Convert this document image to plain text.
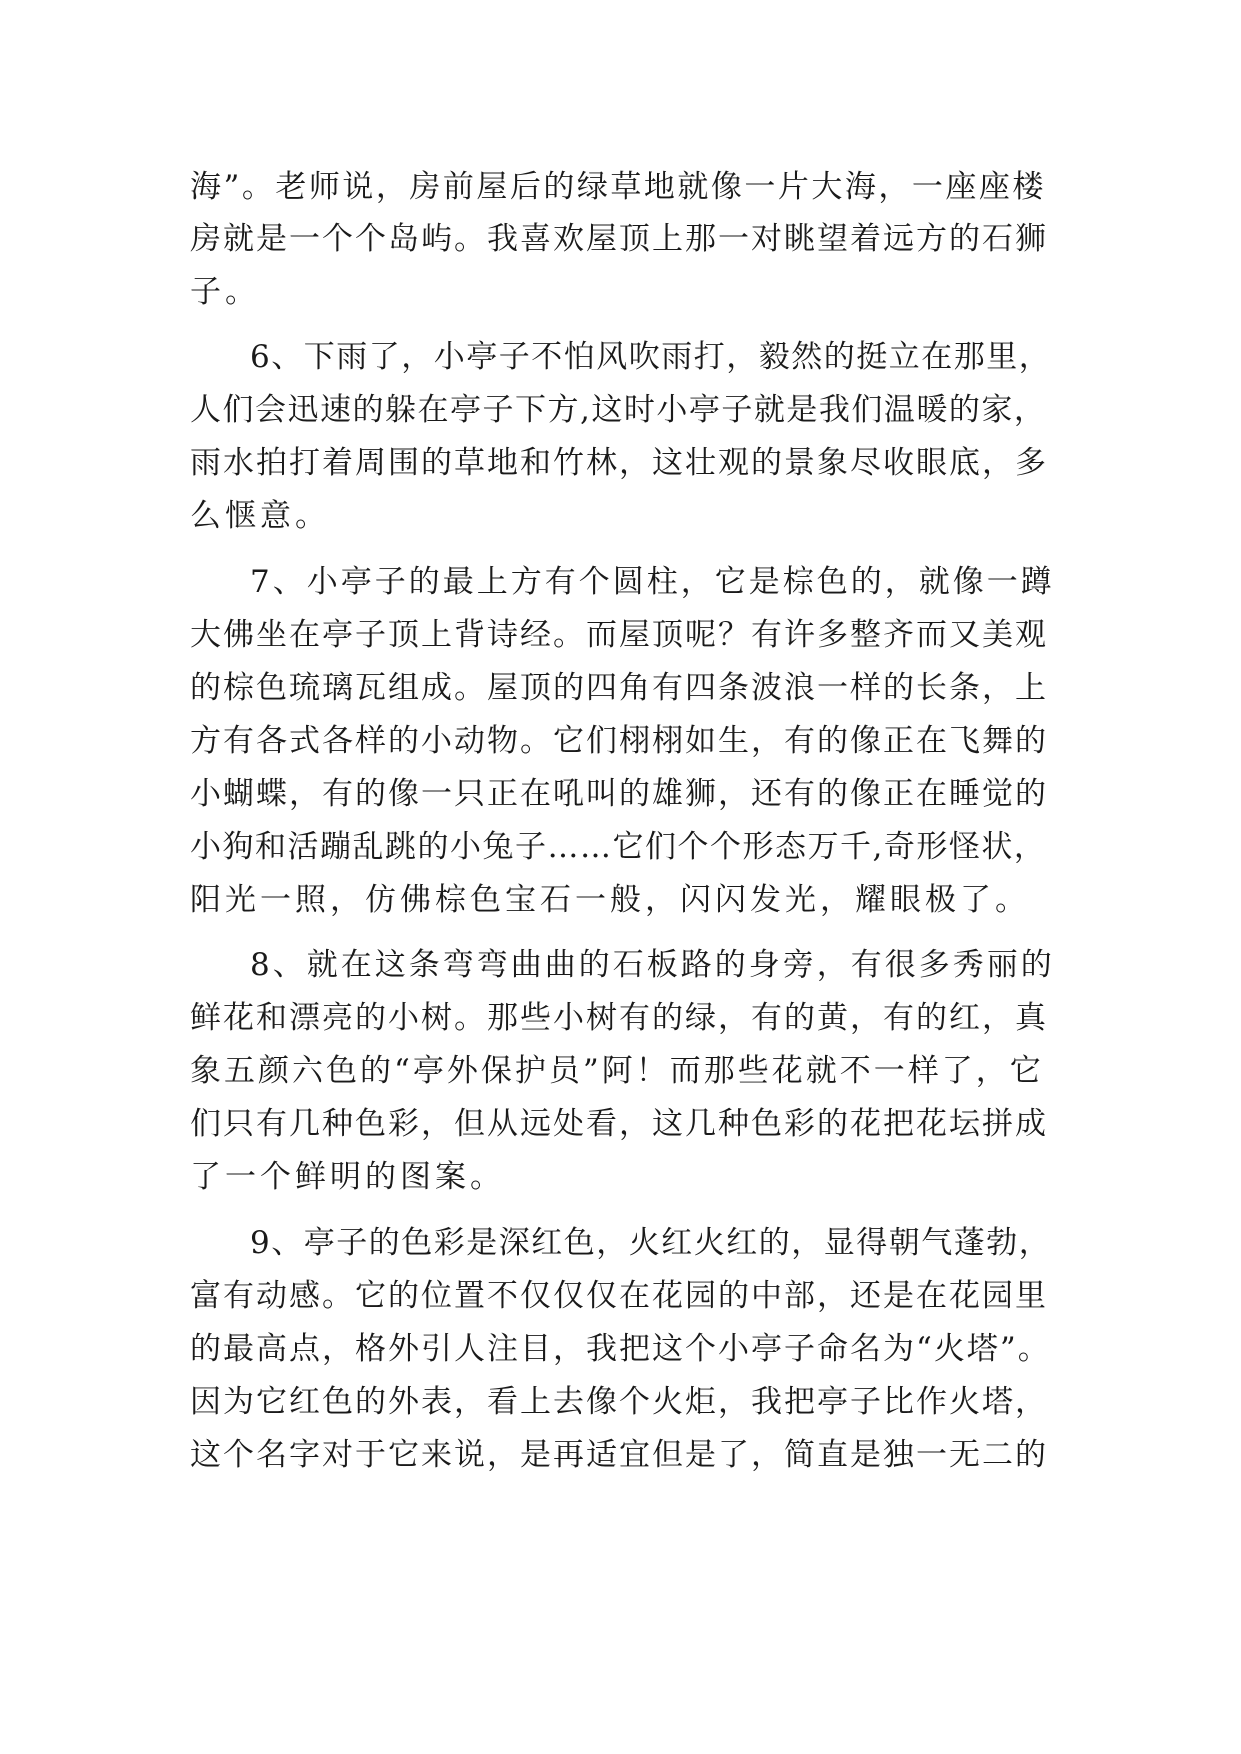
海”。老师说，房前屋后的绿草地就像一片大海，一座座楼
房就是一个个岛屿。我喜欢屋顶上那一对眺望着远方的石狮
子。
6、下雨了，小亭子不怕风吹雨打，毅然的挺立在那里，
人们会迅速的躲在亭子下方,这时小亭子就是我们温暖的家，
雨水拍打着周围的草地和竹林，这壮观的景象尽收眼底，多
么惬意。
7、小亭子的最上方有个圆柱，它是棕色的，就像一蹲
大佛坐在亭子顶上背诗经。而屋顶呢？有许多整齐而又美观
的棕色琉璃瓦组成。屋顶的四角有四条波浪一样的长条，上
方有各式各样的小动物。它们栩栩如生，有的像正在飞舞的
小蝴蝶，有的像一只正在吼叫的雄狮，还有的像正在睡觉的
小狗和活蹦乱跳的小兔子……它们个个形态万千,奇形怪状，
阳光一照，仿佛棕色宝石一般，闪闪发光，耀眼极了。
8、就在这条弯弯曲曲的石板路的身旁，有很多秀丽的
鲜花和漂亮的小树。那些小树有的绿，有的黄，有的红，真
象五颜六色的“亭外保护员”阿！而那些花就不一样了，它
们只有几种色彩，但从远处看，这几种色彩的花把花坛拼成
了一个鲜明的图案。
9、亭子的色彩是深红色，火红火红的，显得朝气蓬勃，
富有动感。它的位置不仅仅仅在花园的中部，还是在花园里
的最高点，格外引人注目，我把这个小亭子命名为“火塔”。
因为它红色的外表，看上去像个火炬，我把亭子比作火塔，
这个名字对于它来说，是再适宜但是了，简直是独一无二的
